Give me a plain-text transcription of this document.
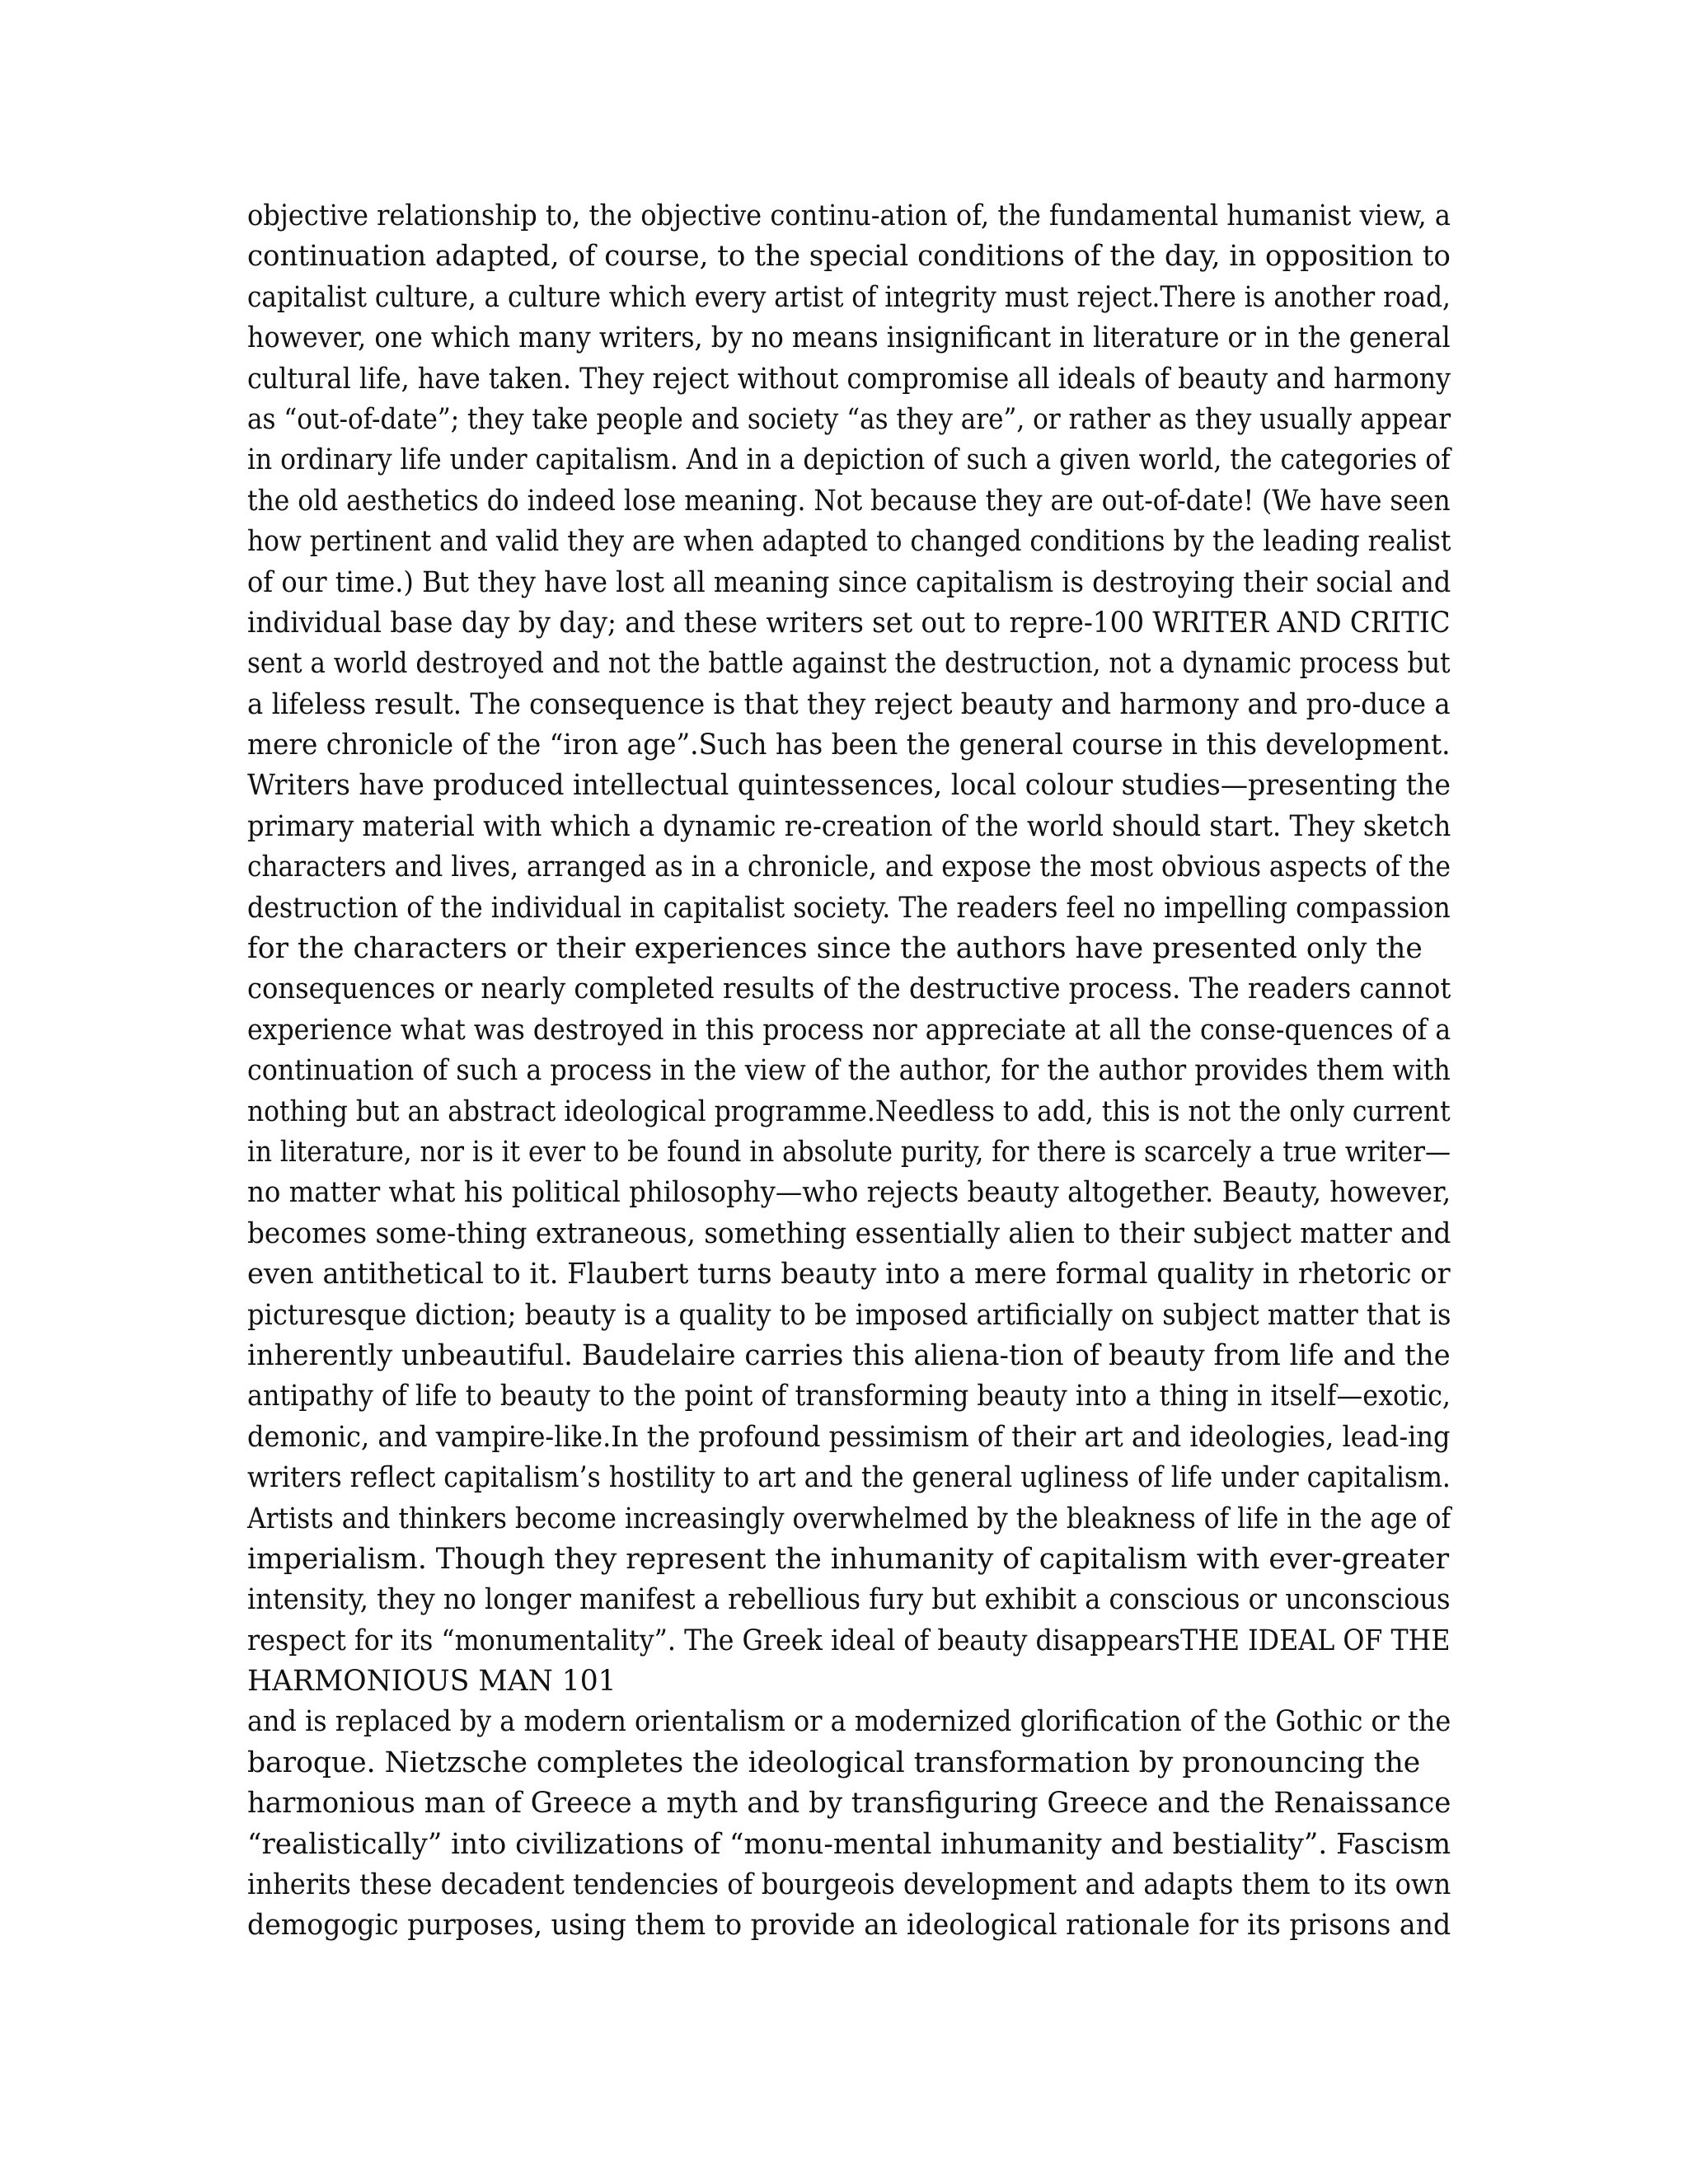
objective relationship to, the objective continu-ation of, the fundamental humanist view, a
continuation adapted, of course, to the special conditions of the day, in opposition to
capitalist culture, a culture which every artist of integrity must reject.There is another road,
however, one which many writers, by no means insignificant in literature or in the general
cultural life, have taken. They reject without compromise all ideals of beauty and harmony
as “out-of-date”; they take people and society “as they are”, or rather as they usually appear
in ordinary life under capitalism. And in a depiction of such a given world, the categories of
the old aesthetics do indeed lose meaning. Not because they are out-of-date! (We have seen
how pertinent and valid they are when adapted to changed conditions by the leading realist
of our time.) But they have lost all meaning since capitalism is destroying their social and
individual base day by day; and these writers set out to repre-100 WRITER AND CRITIC
sent a world destroyed and not the battle against the destruction, not a dynamic process but
a lifeless result. The consequence is that they reject beauty and harmony and pro-duce a
mere chronicle of the “iron age”.Such has been the general course in this development.
Writers have produced intellectual quintessences, local colour studies—presenting the
primary material with which a dynamic re-creation of the world should start. They sketch
characters and lives, arranged as in a chronicle, and expose the most obvious aspects of the
destruction of the individual in capitalist society. The readers feel no impelling compassion
for the characters or their experiences since the authors have presented only the
consequences or nearly completed results of the destructive process. The readers cannot
experience what was destroyed in this process nor appreciate at all the conse-quences of a
continuation of such a process in the view of the author, for the author provides them with
nothing but an abstract ideological programme.Needless to add, this is not the only current
in literature, nor is it ever to be found in absolute purity, for there is scarcely a true writer—
no matter what his political philosophy—who rejects beauty altogether. Beauty, however,
becomes some-thing extraneous, something essentially alien to their subject matter and
even antithetical to it. Flaubert turns beauty into a mere formal quality in rhetoric or
picturesque diction; beauty is a quality to be imposed artificially on subject matter that is
inherently unbeautiful. Baudelaire carries this aliena-tion of beauty from life and the
antipathy of life to beauty to the point of transforming beauty into a thing in itself—exotic,
demonic, and vampire-like.In the profound pessimism of their art and ideologies, lead-ing
writers reflect capitalism’s hostility to art and the general ugliness of life under capitalism.
Artists and thinkers become increasingly overwhelmed by the bleakness of life in the age of
imperialism. Though they represent the inhumanity of capitalism with ever-greater
intensity, they no longer manifest a rebellious fury but exhibit a conscious or unconscious
respect for its “monumentality”. The Greek ideal of beauty disappearsTHE IDEAL OF THE
HARMONIOUS MAN 101
and is replaced by a modern orientalism or a modernized glorification of the Gothic or the
baroque. Nietzsche completes the ideological transformation by pronouncing the
harmonious man of Greece a myth and by transfiguring Greece and the Renaissance
“realistically” into civilizations of “monu-mental inhumanity and bestiality”. Fascism
inherits these decadent tendencies of bourgeois development and adapts them to its own
demogogic purposes, using them to provide an ideological rationale for its prisons and
